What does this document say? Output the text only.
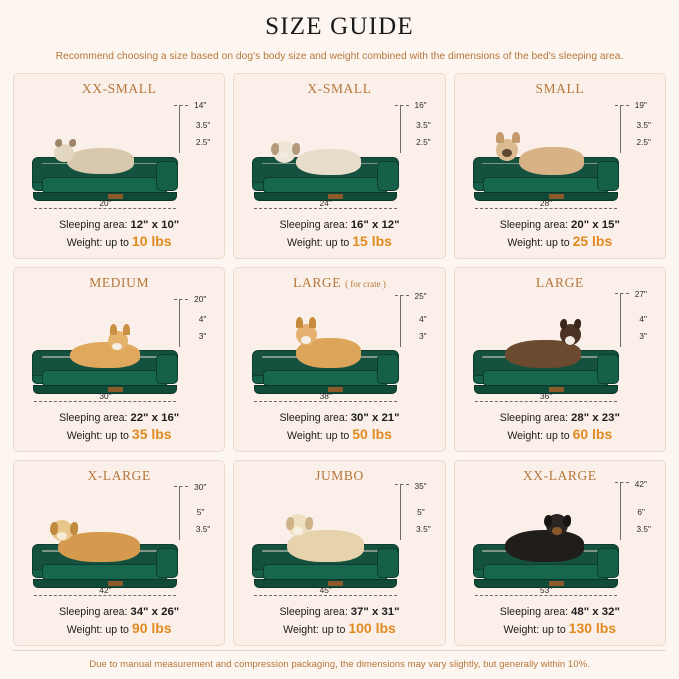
SIZE GUIDE

Recommend choosing a size based on dog's body size and weight combined with the dimensions of the bed's sleeping area.

XX-SMALL
14"
3.5"
2.5"
20"
Sleeping area: 12" x 10"
Weight: up to 10 lbs
X-SMALL
16"
3.5"
2.5"
24"
Sleeping area: 16" x 12"
Weight: up to 15 lbs
SMALL
19"
3.5"
2.5"
28"
Sleeping area: 20" x 15"
Weight: up to 25 lbs
MEDIUM
20"
4"
3"
30"
Sleeping area: 22" x 16"
Weight: up to 35 lbs
LARGE ( for crate )
25"
4"
3"
38"
Sleeping area: 30" x 21"
Weight: up to 50 lbs
LARGE
27"
4"
3"
36"
Sleeping area: 28" x 23"
Weight: up to 60 lbs
X-LARGE
30"
5"
3.5"
42"
Sleeping area: 34" x 26"
Weight: up to 90 lbs
JUMBO
35"
5"
3.5"
45"
Sleeping area: 37" x 31"
Weight: up to 100 lbs
XX-LARGE
42"
6"
3.5"
53"
Sleeping area: 48" x 32"
Weight: up to 130 lbs
Due to manual measurement and compression packaging, the dimensions may vary slightly, but generally within 10%.
